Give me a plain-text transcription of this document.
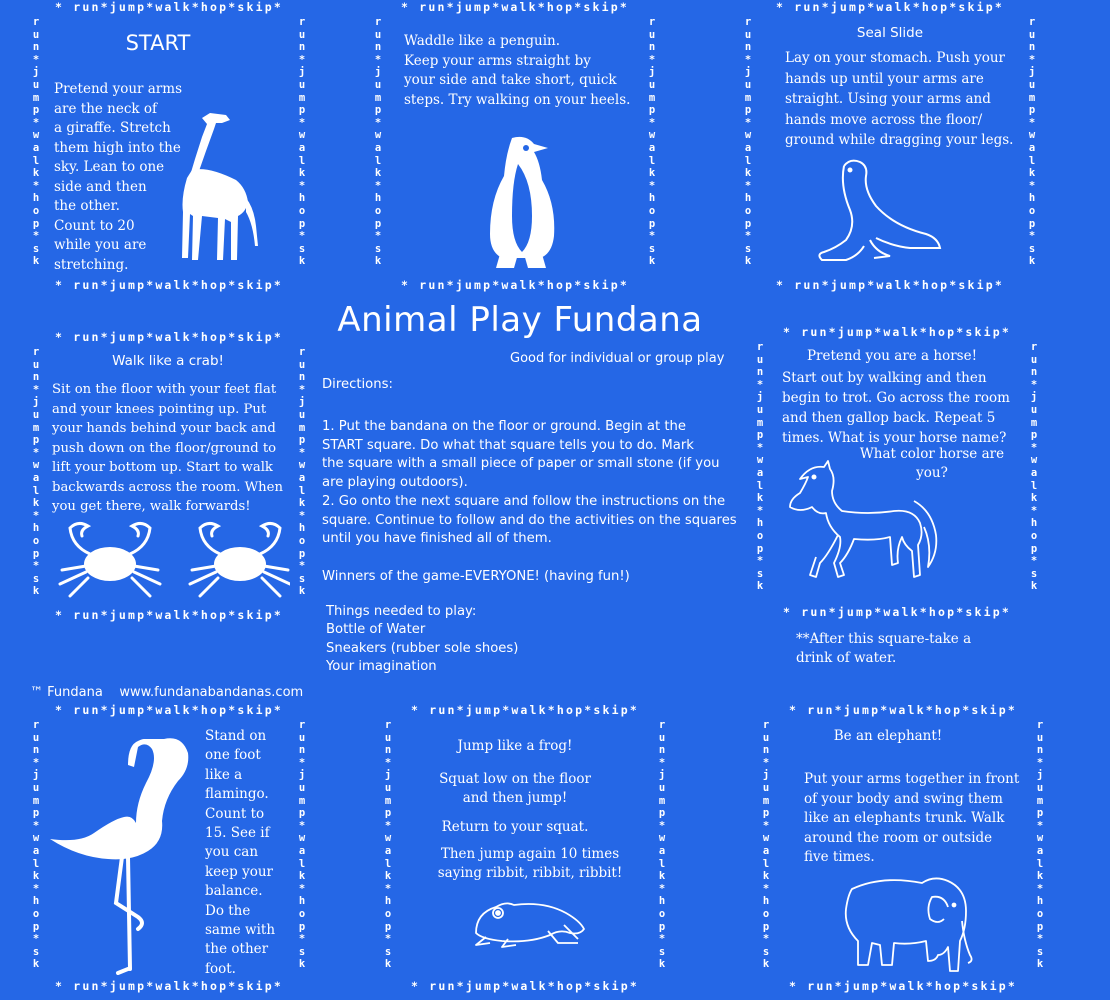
* run*jump*walk*hop*skip*
r
u
n
*
j
u
m
p
*
w
a
l
k
*
h
o
p
*
s
k

r
u
n
*
j
u
m
p
*
w
a
l
k
*
h
o
p
*
s
k

* run*jump*walk*hop*skip*
START
Pretend your arms
are the neck of
a giraffe. Stretch
them high into the
sky. Lean to one
side and then
the other.
Count to 20
while you are
stretching.
* run*jump*walk*hop*skip*
r
u
n
*
j
u
m
p
*
w
a
l
k
*
h
o
p
*
s
k

r
u
n
*
j
u
m
p
*
w
a
l
k
*
h
o
p
*
s
k

* run*jump*walk*hop*skip*
Waddle like a penguin.
Keep your arms straight by
your side and take short, quick
steps. Try walking on your heels.
* run*jump*walk*hop*skip*
r
u
n
*
j
u
m
p
*
w
a
l
k
*
h
o
p
*
s
k

r
u
n
*
j
u
m
p
*
w
a
l
k
*
h
o
p
*
s
k

* run*jump*walk*hop*skip*
Seal Slide
Lay on your stomach. Push your
hands up until your arms are
straight. Using your arms and
hands move across the floor/
ground while dragging your legs.
Animal Play Fundana
Good for individual or group play
Directions:
1. Put the bandana on the floor or ground. Begin at the
START square. Do what that square tells you to do. Mark
the square with a small piece of paper or small stone (if you
are playing outdoors).
2. Go onto the next square and follow the instructions on the
square. Continue to follow and do the activities on the squares
until you have finished all of them.
Winners of the game-EVERYONE! (having fun!)
Things needed to play:
Bottle of Water
Sneakers (rubber sole shoes)
Your imagination
™ Fundana    www.fundanabandanas.com
* run*jump*walk*hop*skip*
r
u
n
*
j
u
m
p
*
w
a
l
k
*
h
o
p
*
s
k

r
u
n
*
j
u
m
p
*
w
a
l
k
*
h
o
p
*
s
k

* run*jump*walk*hop*skip*
Walk like a crab!
Sit on the floor with your feet flat
and your knees pointing up. Put
your hands behind your back and
push down on the floor/ground to
lift your bottom up. Start to walk
backwards across the room. When
you get there, walk forwards!
* run*jump*walk*hop*skip*
r
u
n
*
j
u
m
p
*
w
a
l
k
*
h
o
p
*
s
k

r
u
n
*
j
u
m
p
*
w
a
l
k
*
h
o
p
*
s
k

* run*jump*walk*hop*skip*
Pretend you are a horse!
Start out by walking and then
begin to trot. Go across the room
and then gallop back. Repeat 5
times. What is your horse name?
What color horse are
you?
**After this square-take a
drink of water.
* run*jump*walk*hop*skip*
r
u
n
*
j
u
m
p
*
w
a
l
k
*
h
o
p
*
s
k

r
u
n
*
j
u
m
p
*
w
a
l
k
*
h
o
p
*
s
k

* run*jump*walk*hop*skip*
Stand on
one foot
like a
flamingo.
Count to
15. See if
you can
keep your
balance.
Do the
same with
the other
foot.
* run*jump*walk*hop*skip*
r
u
n
*
j
u
m
p
*
w
a
l
k
*
h
o
p
*
s
k

r
u
n
*
j
u
m
p
*
w
a
l
k
*
h
o
p
*
s
k

* run*jump*walk*hop*skip*
Jump like a frog!
Squat low on the floor
and then jump!
Return to your squat.
Then jump again 10 times
saying ribbit, ribbit, ribbit!
* run*jump*walk*hop*skip*
r
u
n
*
j
u
m
p
*
w
a
l
k
*
h
o
p
*
s
k

r
u
n
*
j
u
m
p
*
w
a
l
k
*
h
o
p
*
s
k

* run*jump*walk*hop*skip*
Be an elephant!
Put your arms together in front
of your body and swing them
like an elephants trunk. Walk
around the room or outside
five times.
